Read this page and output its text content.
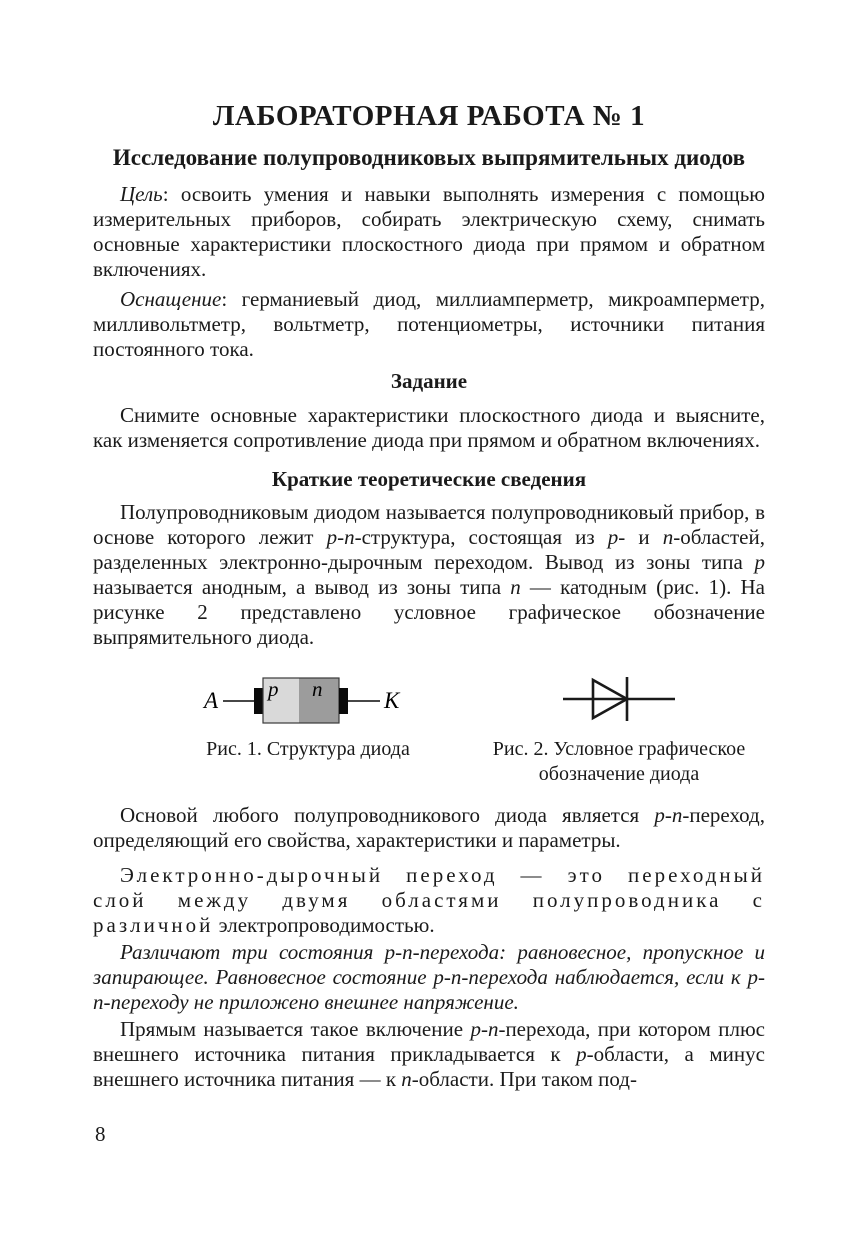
ЛАБОРАТОРНАЯ РАБОТА № 1
Исследование полупроводниковых выпрямительных диодов

Цель: освоить умения и навыки выполнять измерения с помощью измерительных приборов, собирать электрическую схему, снимать основные характеристики плоскостного диода при прямом и обратном включениях.

Оснащение: германиевый диод, миллиамперметр, микроамперметр, милливольтметр, вольтметр, потенциометры, источники питания постоянного тока.

Задание

Снимите основные характеристики плоскостного диода и выясните, как изменяется сопротивление диода при прямом и обратном включениях.

Краткие теоретические сведения

Полупроводниковым диодом называется полупроводниковый прибор, в основе которого лежит p-n-структура, состоящая из p- и n-областей, разделенных электронно-дырочным переходом. Вывод из зоны типа p называется анодным, а вывод из зоны типа n — катодным (рис. 1). На рисунке 2 представлено условное графическое обозначение выпрямительного диода.

А	К
p n
Рис. 1. Структура диода	Рис. 2. Условное графическое
обозначение диода

Основой любого полупроводникового диода является p-n-переход, определяющий его свойства, характеристики и параметры.

Электронно-дырочный переход — это переходный слой между двумя областями полупроводника с различной электропроводимостью.

Различают три состояния p-n-перехода: равновесное, пропускное и запирающее. Равновесное состояние p-n-перехода наблюдается, если к p-n-переходу не приложено внешнее напряжение.

Прямым называется такое включение p-n-перехода, при котором плюс внешнего источника питания прикладывается к p-области, а минус внешнего источника питания — к n-области. При таком под-

8
